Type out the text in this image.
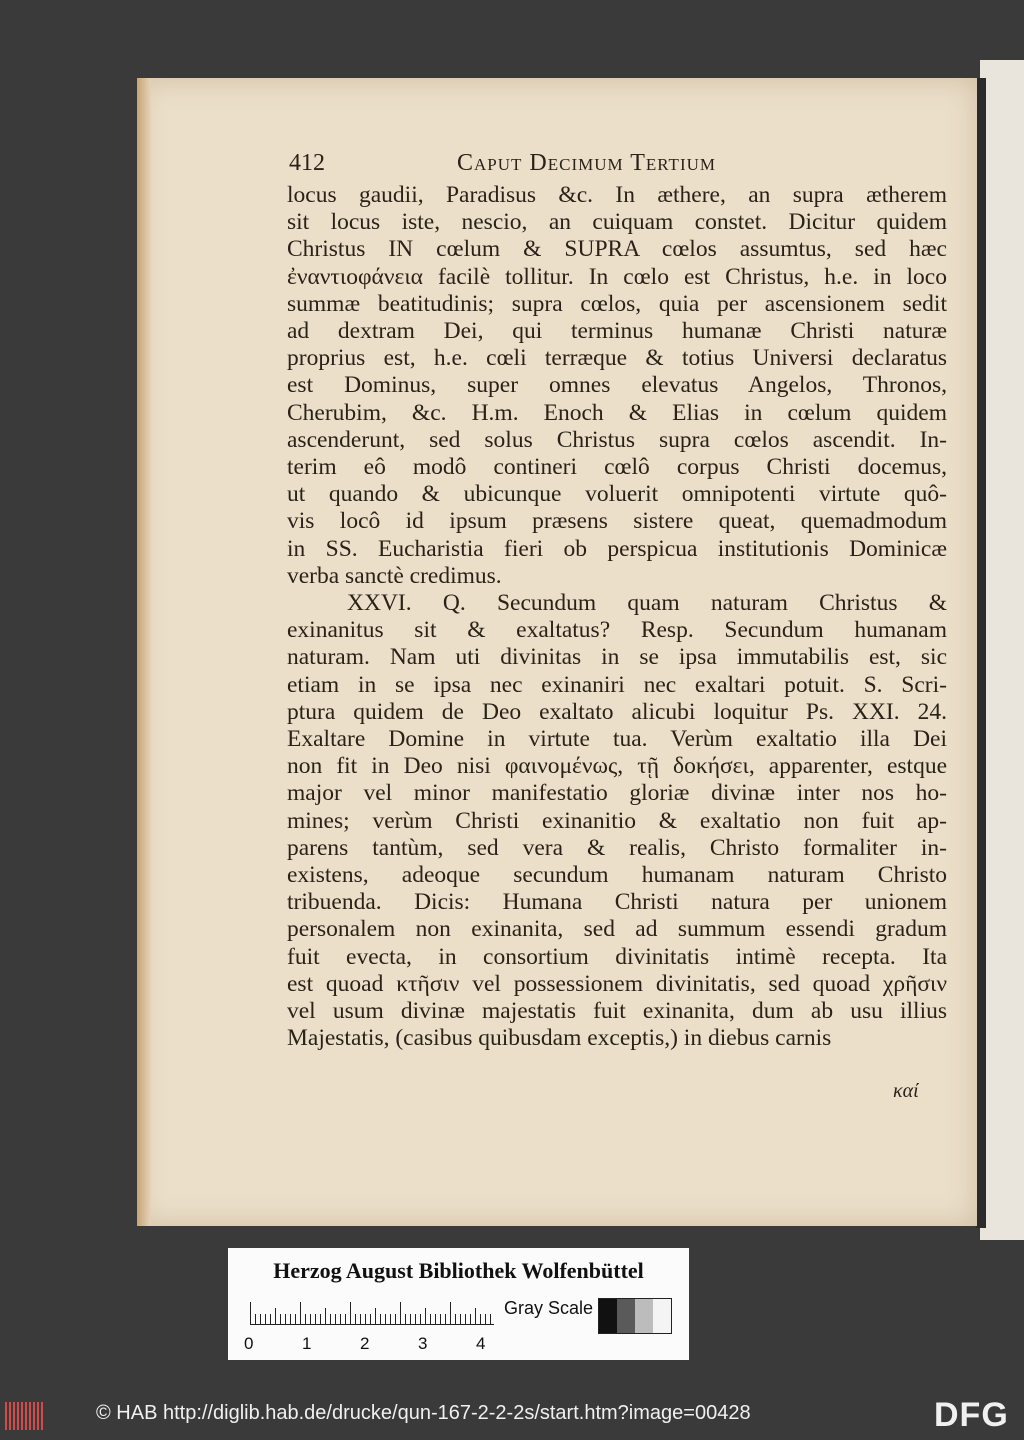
412	Caput Decimum Tertium
locus gaudii, Paradisus &c. In æthere, an supra ætherem
sit locus iste, nescio, an cuiquam constet. Dicitur quidem
Christus IN cœlum & SUPRA cœlos assumtus, sed hæc
ἐναντιοφάνεια facilè tollitur. In cœlo est Christus, h.e. in loco
summæ beatitudinis; supra cœlos, quia per ascensionem sedit
ad dextram Dei, qui terminus humanæ Christi naturæ
proprius est, h.e. cœli terræque & totius Universi declaratus
est Dominus, super omnes elevatus Angelos, Thronos,
Cherubim, &c. H.m. Enoch & Elias in cœlum quidem
ascenderunt, sed solus Christus supra cœlos ascendit. In-
terim eô modô contineri cœlô corpus Christi docemus,
ut quando & ubicunque voluerit omnipotenti virtute quô-
vis locô id ipsum præsens sistere queat, quemadmodum
in SS. Eucharistia fieri ob perspicua institutionis Dominicæ
verba sanctè credimus.
XXVI. Q. Secundum quam naturam Christus &
exinanitus sit & exaltatus? Resp. Secundum humanam
naturam. Nam uti divinitas in se ipsa immutabilis est, sic
etiam in se ipsa nec exinaniri nec exaltari potuit. S. Scri-
ptura quidem de Deo exaltato alicubi loquitur Ps. XXI. 24.
Exaltare Domine in virtute tua. Verùm exaltatio illa Dei
non fit in Deo nisi φαινομένως, τῇ δοκήσει, apparenter, estque
major vel minor manifestatio gloriæ divinæ inter nos ho-
mines; verùm Christi exinanitio & exaltatio non fuit ap-
parens tantùm, sed vera & realis, Christo formaliter in-
existens, adeoque secundum humanam naturam Christo
tribuenda. Dicis: Humana Christi natura per unionem
personalem non exinanita, sed ad summum essendi gradum
fuit evecta, in consortium divinitatis intimè recepta. Ita
est quoad κτῆσιν vel possessionem divinitatis, sed quoad χρῆσιν
vel usum divinæ majestatis fuit exinanita, dum ab usu illius
Majestatis, (casibus quibusdam exceptis,) in diebus carnis
καί
Herzog August Bibliothek Wolfenbüttel
0	1	2	3	4
Gray Scale
© HAB http://diglib.hab.de/drucke/qun-167-2-2-2s/start.htm?image=00428	DFG
